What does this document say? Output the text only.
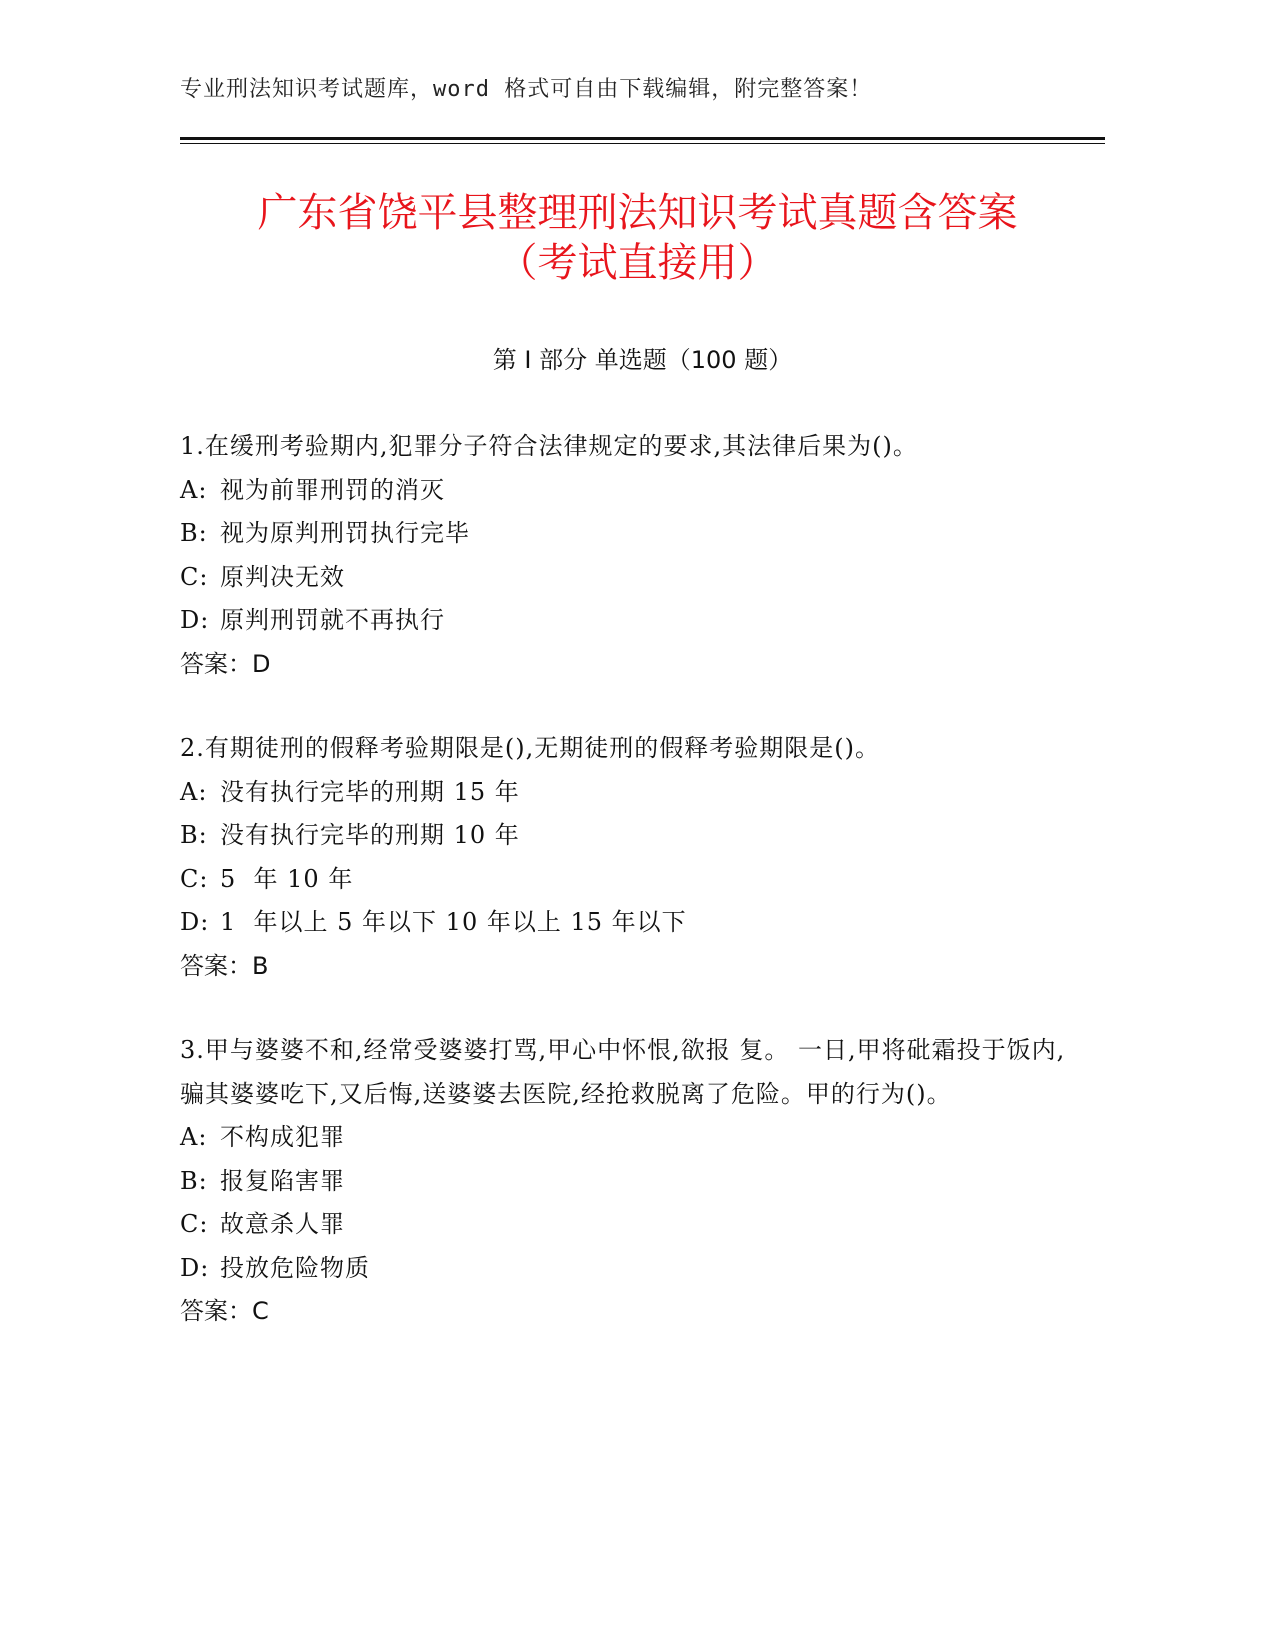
专业刑法知识考试题库，word 格式可自由下载编辑，附完整答案！
广东省饶平县整理刑法知识考试真题含答案
（考试直接用）
第 I 部分 单选题（100 题）
1.在缓刑考验期内,犯罪分子符合法律规定的要求,其法律后果为()。
A: 视为前罪刑罚的消灭
B: 视为原判刑罚执行完毕
C: 原判决无效
D: 原判刑罚就不再执行
答案：D
2.有期徒刑的假释考验期限是(),无期徒刑的假释考验期限是()。
A: 没有执行完毕的刑期 15 年
B: 没有执行完毕的刑期 10 年
C: 5  年 10 年
D: 1  年以上 5 年以下 10 年以上 15 年以下
答案：B
3.甲与婆婆不和,经常受婆婆打骂,甲心中怀恨,欲报 复。 一日,甲将砒霜投于饭内,骗其婆婆吃下,又后悔,送婆婆去医院,经抢救脱离了危险。甲的行为()。
A: 不构成犯罪
B: 报复陷害罪
C: 故意杀人罪
D: 投放危险物质
答案：C
